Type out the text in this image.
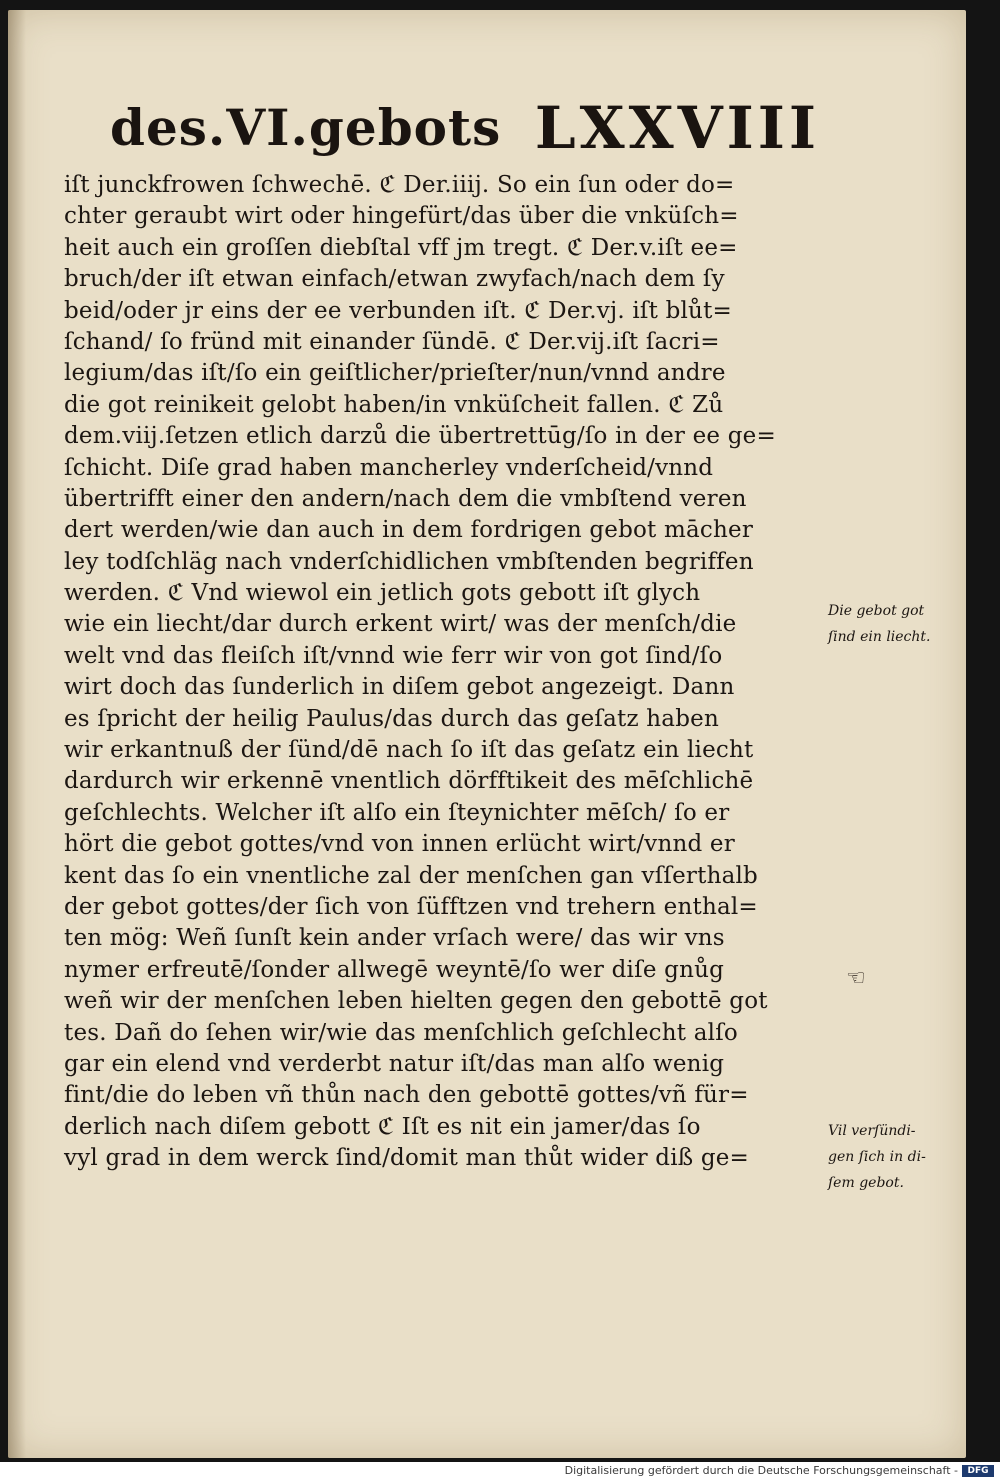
des.VI.gebots LXXVIII
iſt junckfrowen ſchwechē. ℭ Der.iiij. So ein ſun oder do=
chter geraubt wirt oder hingefürt/das über die vnküſch=
heit auch ein groſſen diebſtal vff jm tregt. ℭ Der.v.iſt ee=
bruch/der iſt etwan einfach/etwan zwyfach/nach dem ſy
beid/oder jr eins der ee verbunden iſt. ℭ Der.vj. iſt blůt=
ſchand/ ſo fründ mit einander ſündē. ℭ Der.vij.iſt ſacri=
legium/das iſt/ſo ein geiſtlicher/prieſter/nun/vnnd andre
die got reinikeit gelobt haben/in vnküſcheit fallen. ℭ Zů
dem.viij.ſetzen etlich darzů die übertrettūg/ſo in der ee ge=
ſchicht. Diſe grad haben mancherley vnderſcheid/vnnd
übertrifft einer den andern/nach dem die vmbſtend veren
dert werden/wie dan auch in dem fordrigen gebot mācher
ley todſchläg nach vnderſchidlichen vmbſtenden begriffen
werden. ℭ Vnd wiewol ein jetlich gots gebott iſt glych
wie ein liecht/dar durch erkent wirt/ was der menſch/die
welt vnd das fleiſch iſt/vnnd wie ferr wir von got ſind/ſo
wirt doch das ſunderlich in diſem gebot angezeigt. Dann
es ſpricht der heilig Paulus/das durch das geſatz haben
wir erkantnuß der ſünd/dē nach ſo iſt das geſatz ein liecht
dardurch wir erkennē vnentlich dörfftikeit des mēſchlichē
geſchlechts. Welcher iſt alſo ein ſteynichter mēſch/ ſo er
hört die gebot gottes/vnd von innen erlücht wirt/vnnd er
kent das ſo ein vnentliche zal der menſchen gan vſſerthalb
der gebot gottes/der ſich von ſüfftzen vnd trehern enthal=
ten mög: Weñ ſunſt kein ander vrſach were/ das wir vns
nymer erfreutē/ſonder allwegē weyntē/ſo wer diſe gnůg
weñ wir der menſchen leben hielten gegen den gebottē got
tes. Dañ do ſehen wir/wie das menſchlich geſchlecht alſo
gar ein elend vnd verderbt natur iſt/das man alſo wenig
fint/die do leben vñ thůn nach den gebottē gottes/vñ für=
derlich nach diſem gebott ℭ Iſt es nit ein jamer/das ſo
vyl grad in dem werck ſind/domit man thůt wider diß ge=
Die gebot got
ſind ein liecht.
☜
Vil verſündi-
gen ſich in di-
ſem gebot.
Digitalisierung gefördert durch die Deutsche Forschungsgemeinschaft -	DFG
